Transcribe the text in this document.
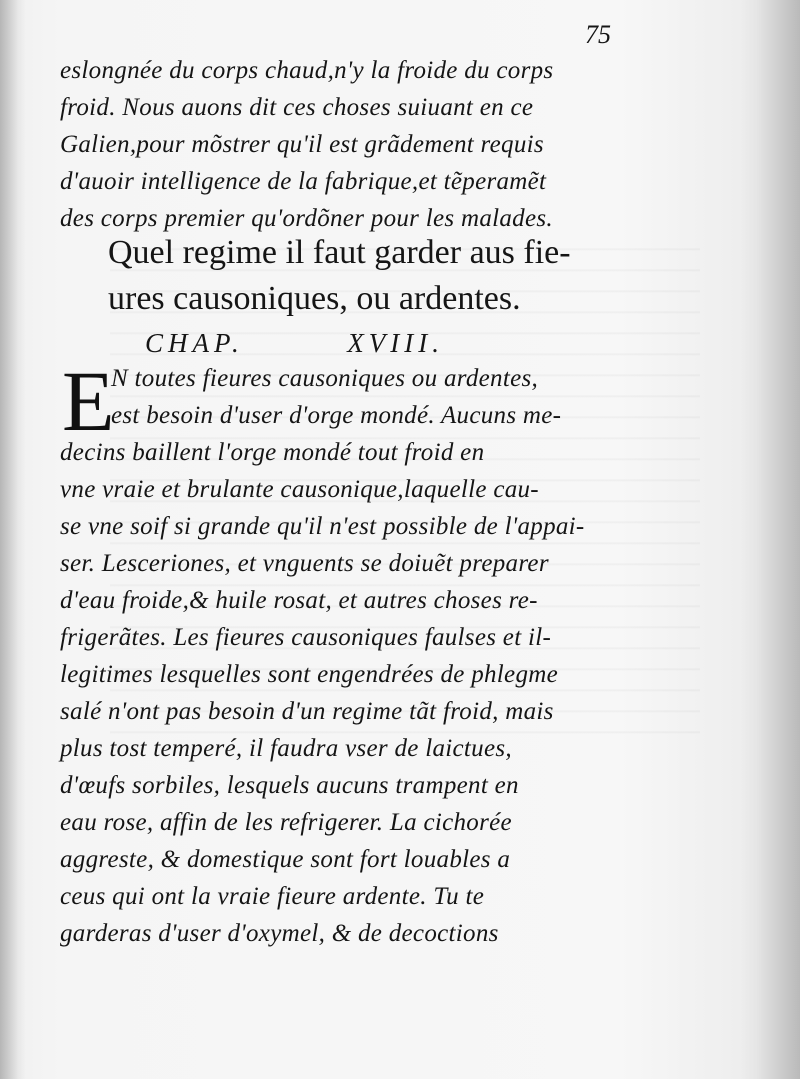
75
eslongnée du corps chaud,n'y la froide du corps
froid. Nous auons dit ces choses suiuant en ce
Galien,pour mõstrer qu'il est grãdement requis
d'auoir intelligence de la fabrique,et tẽperamẽt
des corps premier qu'ordõner pour les malades.
Quel regime il faut garder aus fie-
ures causoniques, ou ardentes.
CHAP.	XVIII.
E
N toutes fieures causoniques ou ardentes,
est besoin d'user d'orge mondé. Aucuns me-
decins baillent l'orge mondé tout froid en
vne vraie et brulante causonique,laquelle cau-
se vne soif si grande qu'il n'est possible de l'appai-
ser. Lesceriones, et vnguents se doiuẽt preparer
d'eau froide,& huile rosat, et autres choses re-
frigerãtes. Les fieures causoniques faulses et il-
legitimes lesquelles sont engendrées de phlegme
salé n'ont pas besoin d'un regime tãt froid, mais
plus tost temperé, il faudra vser de laictues,
d'œufs sorbiles, lesquels aucuns trampent en
eau rose, affin de les refrigerer. La cichorée
aggreste, & domestique sont fort louables a
ceus qui ont la vraie fieure ardente. Tu te
garderas d'user d'oxymel, & de decoctions
